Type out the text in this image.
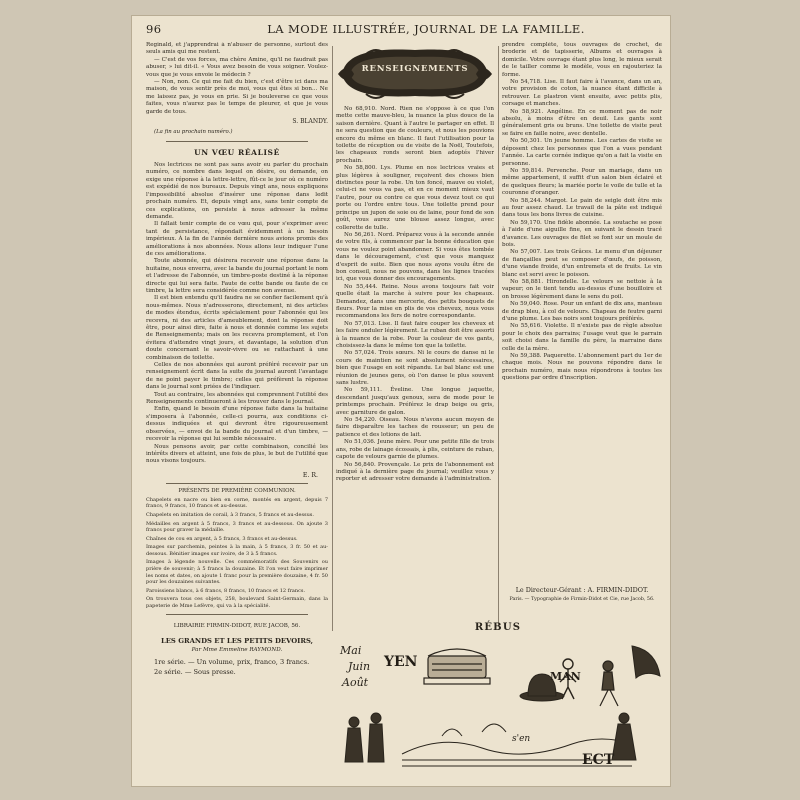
96	LA MODE ILLUSTRÉE, JOURNAL DE LA FAMILLE.

Reginald, et j'apprendrai à n'abuser de personne, surtout des seuls amis qui me restent.

— C'est de vos forces, ma chère Amine, qu'il ne faudrait pas abuser, » lui dit-il. « Vous avez besoin de vous soigner. Voulez-vous que je vous envoie le médecin ?

— Non, non. Ce qui me fait du bien, c'est d'être ici dans ma maison, de vous sentir près de moi, vous qui êtes si bon... Ne me laissez pas, je vous en prie. Si je bouleverse ce que vous faites, vous n'aurez pas le temps de pleurer, et que je vous garde de tous.

S. BLANDY.
(La fin au prochain numéro.)
UN VŒU RÉALISÉ

Nos lectrices ne sont pas sans avoir eu parler du prochain numéro, ce nombre dans lequel on désire, ou demande, on exige une réponse à la lettre-lettre, fût-ce le jour où ce numéro est expédié de nos bureaux. Depuis vingt ans, nous expliquons l'impossibilité absolue d'insérer une réponse dans ledit prochain numéro. Et, depuis vingt ans, sans tenir compte de ces explications, on persiste à nous adresser la même demande.

Il fallait tenir compte de ce vœu qui, pour s'exprimer avec tant de persistance, répondait évidemment à un besoin impérieux. À la fin de l'année dernière nous avions promis des améliorations à nos abonnées. Nous allons leur indiquer l'une de ces améliorations.

Toute abonnée, qui désirera recevoir une réponse dans la huitaine, nous enverra, avec la bande du journal portant le nom et l'adresse de l'abonnée, un timbre-poste destiné à la réponse directe qui lui sera faite. Faute de cette bande ou faute de ce timbre, la lettre sera considérée comme non avenue.

Il est bien entendu qu'il faudra ne se confier facilement qu'à nous-mêmes. Nous n'adresserons, directement, ni des articles de modes étendus, écrits spécialement pour l'abonnée qui les recevra, ni des articles d'ameublement, dont la réponse doit être, pour ainsi dire, faite à nous et donnée comme les sujets de Renseignements; mais on les recevra promptement, et l'on évitera d'attendre vingt jours, et davantage, la solution d'un doute concernant le savoir-vivre ou se rattachant à une combinaison de toilette.

Celles de nos abonnées qui auront préféré recevoir par un renseignement écrit dans la suite du journal auront l'avantage de ne point payer le timbre; celles qui préfèrent la réponse dans le journal sont priées de l'indiquer.

Tout au contraire, les abonnées qui comprennent l'utilité des Renseignements continueront à les trouver dans le journal.

Enfin, quand le besoin d'une réponse faite dans la huitaine s'imposera à l'abonnée, celle-ci pourra, aux conditions ci-dessus indiquées et qui devront être rigoureusement observées, — envoi de la bande du journal et d'un timbre, — recevoir la réponse qui lui semble nécessaire.

Nous pensons avoir, par cette combinaison, concilié les intérêts divers et atteint, une fois de plus, le but de l'utilité que nous visons toujours.

E. R.
PRÉSENTS DE PREMIÈRE COMMUNION.

Chapelets en nacre ou bien en corne, montés en argent, depuis 7 francs, 9 francs, 10 francs et au-dessus.

Chapelets en imitation de corail, à 3 francs, 5 francs et au-dessus.

Médailles en argent à 5 francs, 3 francs et au-dessous. On ajoute 3 francs pour graver la médaille.

Chaînes de cou en argent, à 5 francs, 3 francs et au-dessus.

Images sur parchemin, peintes à la main, à 5 francs, 3 fr. 50 et au-dessous. Bénitier images sur ivoire, de 3 à 5 francs.

Images à légende nouvelle. Ces commémoratifs des Souvenirs ou prière de souvenir; à 5 francs la douzaine. Et l'on veut faire imprimer les noms et dates, on ajoute 1 franc pour la première douzaine, 4 fr. 50 pour les douzaines suivantes.

Paroissiens blancs, à 6 francs, 8 francs, 10 francs et 12 francs.

On trouvera tous ces objets, 258, boulevard Saint-Germain, dans la papeterie de Mme Lefèvre, qui va à la spécialité.

LIBRAIRIE FIRMIN-DIDOT, RUE JACOB, 56.
LES GRANDS ET LES PETITS DEVOIRS,
Par Mme Emmeline RAYMOND.
1re série. — Un volume, prix, franco, 3 francs.
2e série. — Sous presse.
RENSEIGNEMENTS

No 68,910. Nord. Rien ne s'oppose à ce que l'on mette cette mauve-bleu, la nuance la plus douce de la saison dernière. Quant à l'autre le partager en effet. Il ne sera question que de couleurs, et nous les pouvions encore du même en blanc. Il faut l'utilisation pour la toilette de réception ou de visite de la Noël, Toutefois, les chapeaux ronds seront bien adoptés l'hiver prochain.

No 58,800. Lys. Plume en nos lectrices vraies et plus légères à souligner, reçoivent des choses bien distinctes pour la robe. Un ton foncé, mauve ou violet, celui-ci ne vous va pas, et en ce moment mieux vaut l'autre, pour ou contre ce que vous devez tout ce qui porte ou l'ordre entre tous. Une toilette prend pour principe un jupon de soie ou de laine, pour fond de son goût, vous aurez une blouse assez longue, avec collerette de tulle.

No 56,261. Nord. Préparez vous à la seconde année de votre fils, à commencer par la bonne éducation que vous ne voulez point abandonner. Si vous êtes tombée dans le découragement, c'est que vous manquez d'esprit de suite. Bien que nous ayons voulu être de bon conseil, nous ne pouvons, dans les lignes tracées ici, que vous donner des encouragements.

No 55,444. Reine. Nous avons toujours fait voir quelle était la marche à suivre pour les chapeaux. Demandez, dans une mercerie, des petits bouquets de fleurs. Pour la mise en plis de vos cheveux, nous vous recommandons les fers de notre correspondante.

No 57,013. Lise. Il faut faire couper les cheveux et les faire onduler légèrement. Le ruban doit être assorti à la nuance de la robe. Pour la couleur de vos gants, choisissez-la dans le même ton que la toilette.

No 57,024. Trois sœurs. Ni le cours de danse ni le cours de maintien ne sont absolument nécessaires, bien que l'usage en soit répandu. Le bal blanc est une réunion de jeunes gens, où l'on danse le plus souvent sans lustre.

No 59,111. Éveline. Une longue jaquette, descendant jusqu'aux genoux, sera de mode pour le printemps prochain. Préférez le drap beige ou gris, avec garniture de galon.

No 54,220. Oiseau. Nous n'avons aucun moyen de faire disparaître les taches de rousseur; un peu de patience et des lotions de lait.

No 51,036. Jeune mère. Pour une petite fille de trois ans, robe de lainage écossais, à plis, ceinture de ruban, capote de velours garnie de plumes.

No 56,840. Provençale. Le prix de l'abonnement est indiqué à la dernière page du journal; veuillez vous y reporter et adresser votre demande à l'administration.

prendre complète, tous ouvrages de crochet, de broderie et de tapisserie, Albums et ouvrages à domicile. Votre ouvrage étant plus long, le mieux serait de le tailler comme le modèle, vous en rajouteriez la forme.

No 54,718. Lise. Il faut faire à l'avance, dans un an, votre provision de coton, la nuance étant difficile à retrouver. Le plastron vient ensuite, avec petits plis, corsage et manches.

No 58,921. Angéline. En ce moment pas de noir absolu, à moins d'être en deuil. Les gants sont généralement gris ou bruns. Une toilette de visite peut se faire en faille noire, avec dentelle.

No 50,301. Un jeune homme. Les cartes de visite se déposent chez les personnes que l'on a vues pendant l'année. La carte cornée indique qu'on a fait la visite en personne.

No 59,814. Pervenche. Pour un mariage, dans un même appartement, il suffit d'un salon bien éclairé et de quelques fleurs; la mariée porte le voile de tulle et la couronne d'oranger.

No 58,244. Margot. Le pain de seigle doit être mis au four assez chaud. Le travail de la pâte est indiqué dans tous les bons livres de cuisine.

No 59,170. Une fidèle abonnée. La soutache se pose à l'aide d'une aiguille fine, en suivant le dessin tracé d'avance. Les ouvrages de filet se font sur un moule de bois.

No 57,007. Les trois Grâces. Le menu d'un déjeuner de fiançailles peut se composer d'œufs, de poisson, d'une viande froide, d'un entremets et de fruits. Le vin blanc est servi avec le poisson.

No 58,881. Hirondelle. Le velours se nettoie à la vapeur; on le tient tendu au-dessus d'une bouilloire et on brosse légèrement dans le sens du poil.

No 59,040. Rose. Pour un enfant de dix ans, manteau de drap bleu, à col de velours. Chapeau de feutre garni d'une plume. Les bas noirs sont toujours préférés.

No 55,616. Violette. Il n'existe pas de règle absolue pour le choix des parrains; l'usage veut que le parrain soit choisi dans la famille du père, la marraine dans celle de la mère.

No 59,388. Paquerette. L'abonnement part du 1er de chaque mois. Nous ne pouvons répondre dans le prochain numéro, mais nous répondrons à toutes les questions par ordre d'inscription.

Le Directeur-Gérant : A. FIRMIN-DIDOT.
Paris. — Typographie de Firmin-Didot et Cie, rue Jacob, 56.
RÉBUS
Mai
Juin
Août
YEN
MAN
ECT
s'en
